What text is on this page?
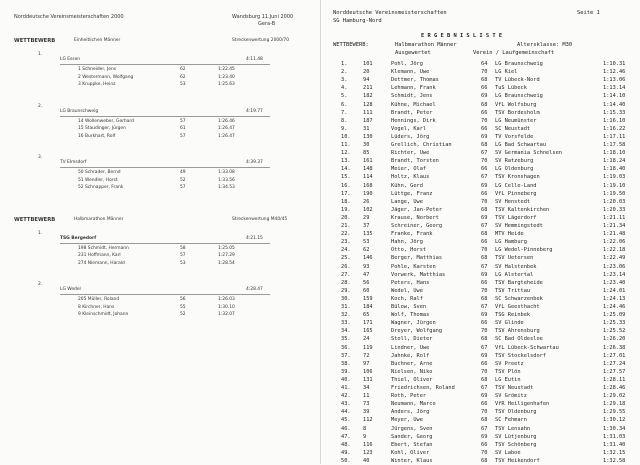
Norddeutsche Vereinsmeisterschaften 2000	Wandsburg 11.Juni 2000
Gera-B
WETTBEWERB	Einheitlichen Männer	Streckenwertung 2000/70
1.
LG Essen	4:11.48
1 Schneider, Jens	62	1:22.45
2 Westermann, Wolfgang	62	1:23.40
3 Kruppke, Heinz	53	1:25.63
2.
LG Braunschweig	4:19.77
14 Wollenweber, Gerhard	57	1:26.46
15 Staudinger, Jürgen	61	1:26.47
16 Burkhart, Rolf	57	1:26.47
3.
TV Elmsdorf	4:39.37
50 Schrader, Bernd	49	1:33.08
51 Wendler, Horst	52	1:33.56
52 Schnapper, Frank	57	1:34.53
WETTBEWERB	Halbmarathon Männer	Streckenwertung M40/45
1.
TSG Bergedorf	4:21.15
198 Schmidt, Hermann	58	1:25.05
231 Hoffmann, Karl	57	1:27.29
274 Niemann, Harald	53	1:28.54
2.
LG Wedel	4:28.47
205 Müller, Roland	56	1:26.03
8 Kirchner, Hans	55	1:30.10
9 Kleinschmidt, Johann	52	1:32.07
Norddeutsche Vereinsmeisterschaften
SG Hamburg-Nord
Seite 1
E R G E B N I S L I S T E
WETTBEWERB:	Halbmarathon Männer	Altersklasse: M30
Ausgewertet	Verein / Laufgemeinschaft
1.	101	Pohl, Jörg	64 LG Braunschweig	1:10.31
2.	20	Klemann, Uwe	70 LG Kiel	1:12.46
3.	94	Dettmer, Thomas	68 TV Lübeck-Nord	1:13.06
4.	211	Lehmann, Frank	66 TuS Lübeck	1:13.14
5.	182	Schmidt, Jens	69 LG Braunschweig	1:14.10
6.	128	Kühne, Michael	68 VfL Wolfsburg	1:14.40
7.	111	Brandt, Peter	66 TSV Bordesholm	1:15.33
8.	187	Hennings, Dirk	70 LG Neumünster	1:16.10
9.	31	Vogel, Karl	66 SC Neustadt	1:16.22
10. 130	Lüders, Jörg	69 TV Vorsfelde	1:17.11
11. 30	Grellich, Christian	68 LG Bad Schwartau	1:17.58
12. 85	Richter, Uwe	67 SV Germania Schnelsen	1:18.10
13. 161	Brandt, Torsten	70 SV Ratzeburg	1:18.24
14. 148	Meier, Olaf	66 LG Oldenburg	1:18.40
15. 114	Holtz, Klaus	67 TSV Kronshagen	1:19.03
16. 168	Kühn, Gerd	69 LG Celle-Land	1:19.10
17. 190	Lüttge, Franz	66 VfL Pinneberg	1:19.50
18. 26	Lange, Uwe	70 SV Henstedt	1:20.03
19. 102	Jäger, Jan-Peter	68 TSV Kaltenkirchen	1:20.33
20. 29	Krause, Norbert	69 TSV Lägerdorf	1:21.11
21. 37	Schreiner, Georg	67 SV Hemmingstedt	1:21.34
22. 135	Franke, Frank	68 MTV Heide	1:21.48
23. 53	Hahn, Jörg	66 LG Hamburg	1:22.06
24. 62	Otto, Horst	70 LG Wedel-Pinneberg	1:22.18
25. 146	Berger, Matthias	68 TSV Uetersen	1:22.49
26. 93	Pohle, Karsten	67 SV Halstenbek	1:23.06
27. 47	Vorwerk, Matthias	69 LG Alstertal	1:23.14
28. 56	Peters, Hans	66 TSV Bargteheide	1:23.40
29. 60	Wedel, Uwe	70 TSV Trittau	1:24.01
30. 159	Koch, Ralf	68 SC Schwarzenbek	1:24.13
31. 184	Bülow, Sven	67 VfL Geesthacht	1:24.46
32. 65	Wolf, Thomas	69 TSG Reinbek	1:25.09
33. 171	Wagner, Jürgen	66 SV Glinde	1:25.33
34. 165	Dreyer, Wolfgang	70 TSV Ahrensburg	1:25.52
35. 24	Stoll, Dieter	68 SC Bad Oldesloe	1:26.20
36. 119	Lindner, Uwe	67 VfL Lübeck-Schwartau	1:26.38
37. 72	Jahnke, Rolf	69 TSV Stockelsdorf	1:27.01
38. 97	Buchner, Arne	66 SV Preetz	1:27.24
39. 106	Nielsen, Niko	70 TSV Plön	1:27.57
40. 131	Thiel, Oliver	68 LG Eutin	1:28.11
41. 34	Friedrichsen, Roland	67 TSV Neustadt	1:28.46
42. 11	Roth, Peter	69 SV Grömitz	1:29.02
43. 73	Neumann, Marco	66 VfR Heiligenhafen	1:29.18
44. 39	Anders, Jörg	70 TSV Oldenburg	1:29.55
45. 112	Meyer, Uwe	68 SC Fehmarn	1:30.12
46. 8	Jürgens, Sven	67 TSV Lensahn	1:30.34
47. 9	Sander, Georg	69 SV Lütjenburg	1:31.03
48. 116	Ebert, Stefan	66 TSV Schönberg	1:31.40
49. 123	Kohl, Oliver	70 SV Laboe	1:32.15
50. 40	Winter, Klaus	68 TSV Heikendorf	1:32.58
